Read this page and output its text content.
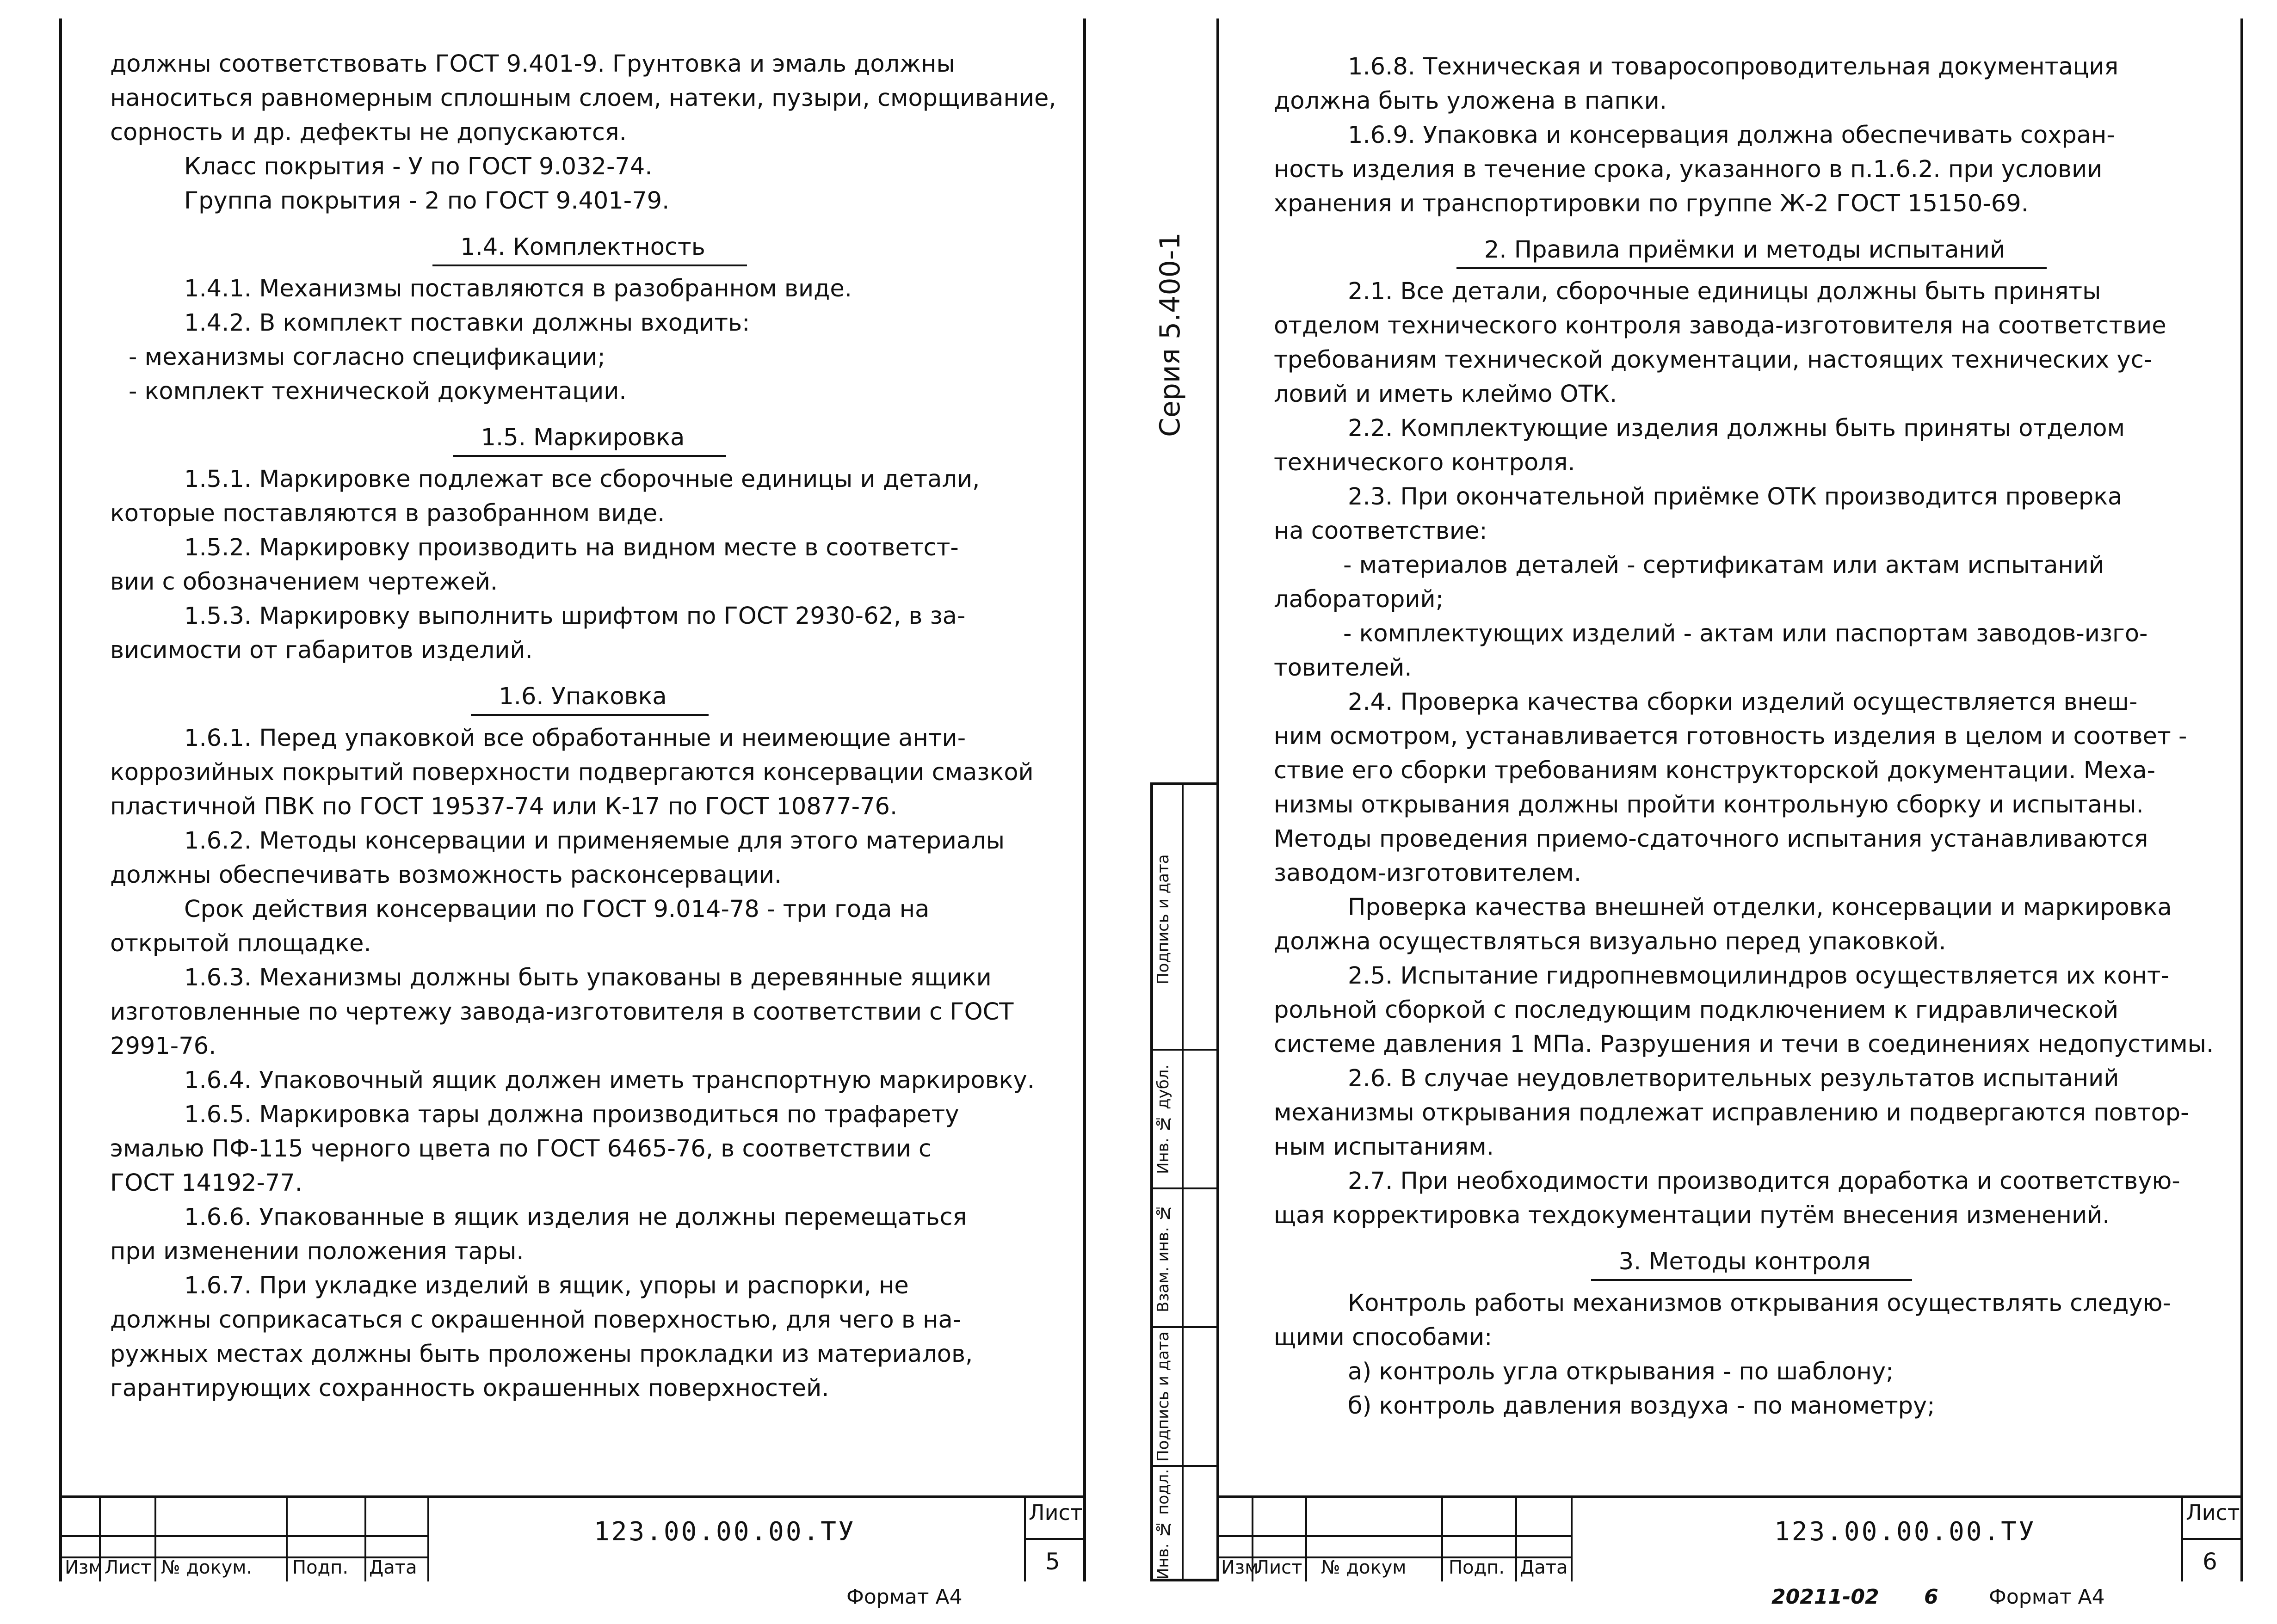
должны соответствовать ГОСТ 9.401-9. Грунтовка и эмаль должны

наноситься равномерным сплошным слоем, натеки, пузыри, сморщивание,

сорность и др. дефекты не допускаются.

Класс покрытия - У по ГОСТ 9.032-74.

Группа покрытия - 2 по ГОСТ 9.401-79.

1.4. Комплектность

1.4.1. Механизмы поставляются в разобранном виде.

1.4.2. В комплект поставки должны входить:

- механизмы согласно спецификации;

- комплект технической документации.

1.5. Маркировка

1.5.1. Маркировке подлежат все сборочные единицы и детали,

которые поставляются в разобранном виде.

1.5.2. Маркировку производить на видном месте в соответст-

вии с обозначением чертежей.

1.5.3. Маркировку выполнить шрифтом по ГОСТ 2930-62, в за-

висимости от габаритов изделий.

1.6. Упаковка

1.6.1. Перед упаковкой все обработанные и неимеющие анти-

коррозийных покрытий поверхности подвергаются консервации смазкой

пластичной ПВК по ГОСТ 19537-74 или К-17 по ГОСТ 10877-76.

1.6.2. Методы консервации и применяемые для этого материалы

должны обеспечивать возможность расконсервации.

Срок действия консервации по ГОСТ 9.014-78 - три года на

открытой площадке.

1.6.3. Механизмы должны быть упакованы в деревянные ящики

изготовленные по чертежу завода-изготовителя в соответствии с ГОСТ

2991-76.

1.6.4. Упаковочный ящик должен иметь транспортную маркировку.

1.6.5. Маркировка тары должна производиться по трафарету

эмалью ПФ-115 черного цвета по ГОСТ 6465-76, в соответствии с

ГОСТ 14192-77.

1.6.6. Упакованные в ящик изделия не должны перемещаться

при изменении положения тары.

1.6.7. При укладке изделий в ящик, упоры и распорки, не

должны соприкасаться с окрашенной поверхностью, для чего в на-

ружных местах должны быть проложены прокладки из материалов,

гарантирующих сохранность окрашенных поверхностей.

Изм Лист № докум. Подп. Дата
123.00.00.00.ТУ
Лист
5
Формат А4
Серия 5.400-1
Подпись и дата
Инв. № дубл.
Взам. инв. №
Подпись и дата
Инв. № подл.

1.6.8. Техническая и товаросопроводительная документация

должна быть уложена в папки.

1.6.9. Упаковка и консервация должна обеспечивать сохран-

ность изделия в течение срока, указанного в п.1.6.2. при условии

хранения и транспортировки по группе Ж-2 ГОСТ 15150-69.

2. Правила приёмки и методы испытаний

2.1. Все детали, сборочные единицы должны быть приняты

отделом технического контроля завода-изготовителя на соответствие

требованиям технической документации, настоящих технических ус-

ловий и иметь клеймо ОТК.

2.2. Комплектующие изделия должны быть приняты отделом

технического контроля.

2.3. При окончательной приёмке ОТК производится проверка

на соответствие:

- материалов деталей - сертификатам или актам испытаний

лабораторий;

- комплектующих изделий - актам или паспортам заводов-изго-

товителей.

2.4. Проверка качества сборки изделий осуществляется внеш-

ним осмотром, устанавливается готовность изделия в целом и соответ -

ствие его сборки требованиям конструкторской документации. Меха-

низмы открывания должны пройти контрольную сборку и испытаны.

Методы проведения приемо-сдаточного испытания устанавливаются

заводом-изготовителем.

Проверка качества внешней отделки, консервации и маркировка

должна осуществляться визуально перед упаковкой.

2.5. Испытание гидропневмоцилиндров осуществляется их конт-

рольной сборкой с последующим подключением к гидравлической

системе давления 1 МПа. Разрушения и течи в соединениях недопустимы.

2.6. В случае неудовлетворительных результатов испытаний

механизмы открывания подлежат исправлению и подвергаются повтор-

ным испытаниям.

2.7. При необходимости производится доработка и соответствую-

щая корректировка техдокументации путём внесения изменений.

3. Методы контроля

Контроль работы механизмов открывания осуществлять следую-

щими способами:

а) контроль угла открывания - по шаблону;

б) контроль давления воздуха - по манометру;

Изм
Лист № докум Подп. Дата
123.00.00.00.ТУ
Лист
6
20211-02 6 Формат А4
